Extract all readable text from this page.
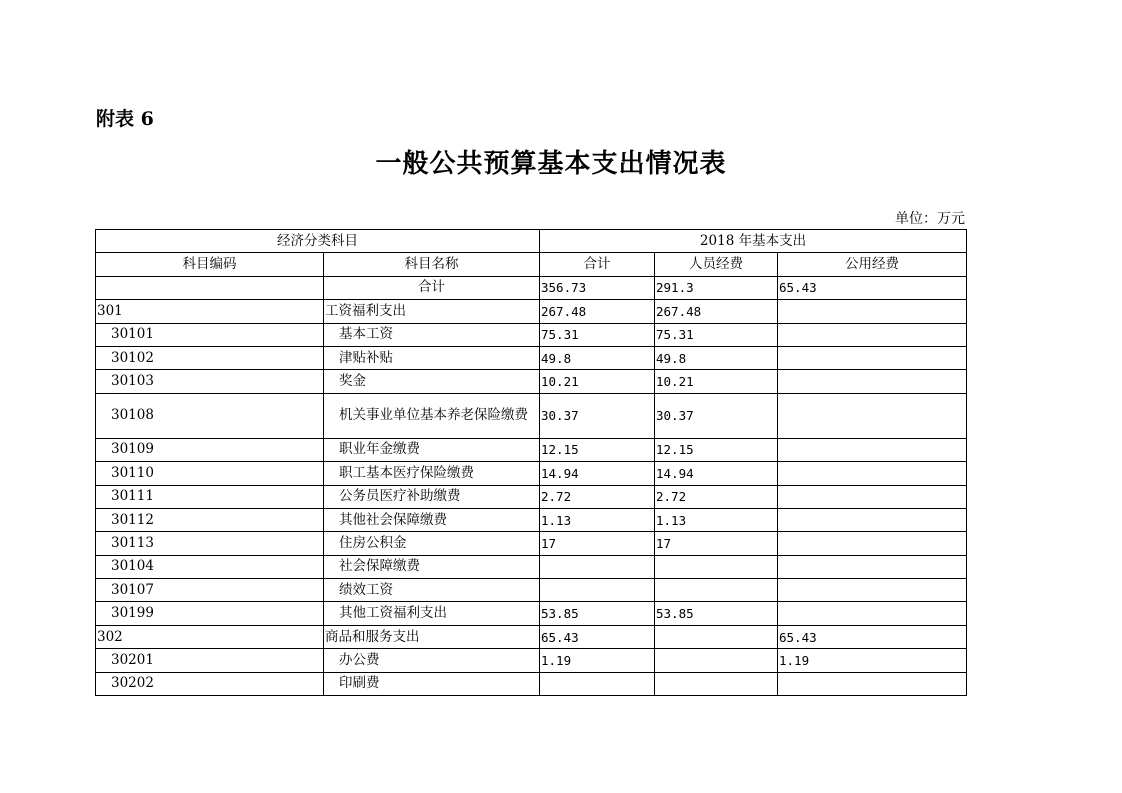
附表 6
一般公共预算基本支出情况表
单位：万元
经济分类科目		2018 年基本支出		
科目编码	科目名称	合计	人员经费	公用经费
	合计	356.73	291.3	65.43
301	工资福利支出	267.48	267.48	
30101	基本工资	75.31	75.31	
30102	津贴补贴	49.8	49.8	
30103	奖金	10.21	10.21	
30108	机关事业单位基本养老保险缴费	30.37	30.37	
30109	职业年金缴费	12.15	12.15	
30110	职工基本医疗保险缴费	14.94	14.94	
30111	公务员医疗补助缴费	2.72	2.72	
30112	其他社会保障缴费	1.13	1.13	
30113	住房公积金	17	17	
30104	社会保障缴费			
30107	绩效工资			
30199	其他工资福利支出	53.85	53.85	
302	商品和服务支出	65.43		65.43
30201	办公费	1.19		1.19
30202	印刷费			
